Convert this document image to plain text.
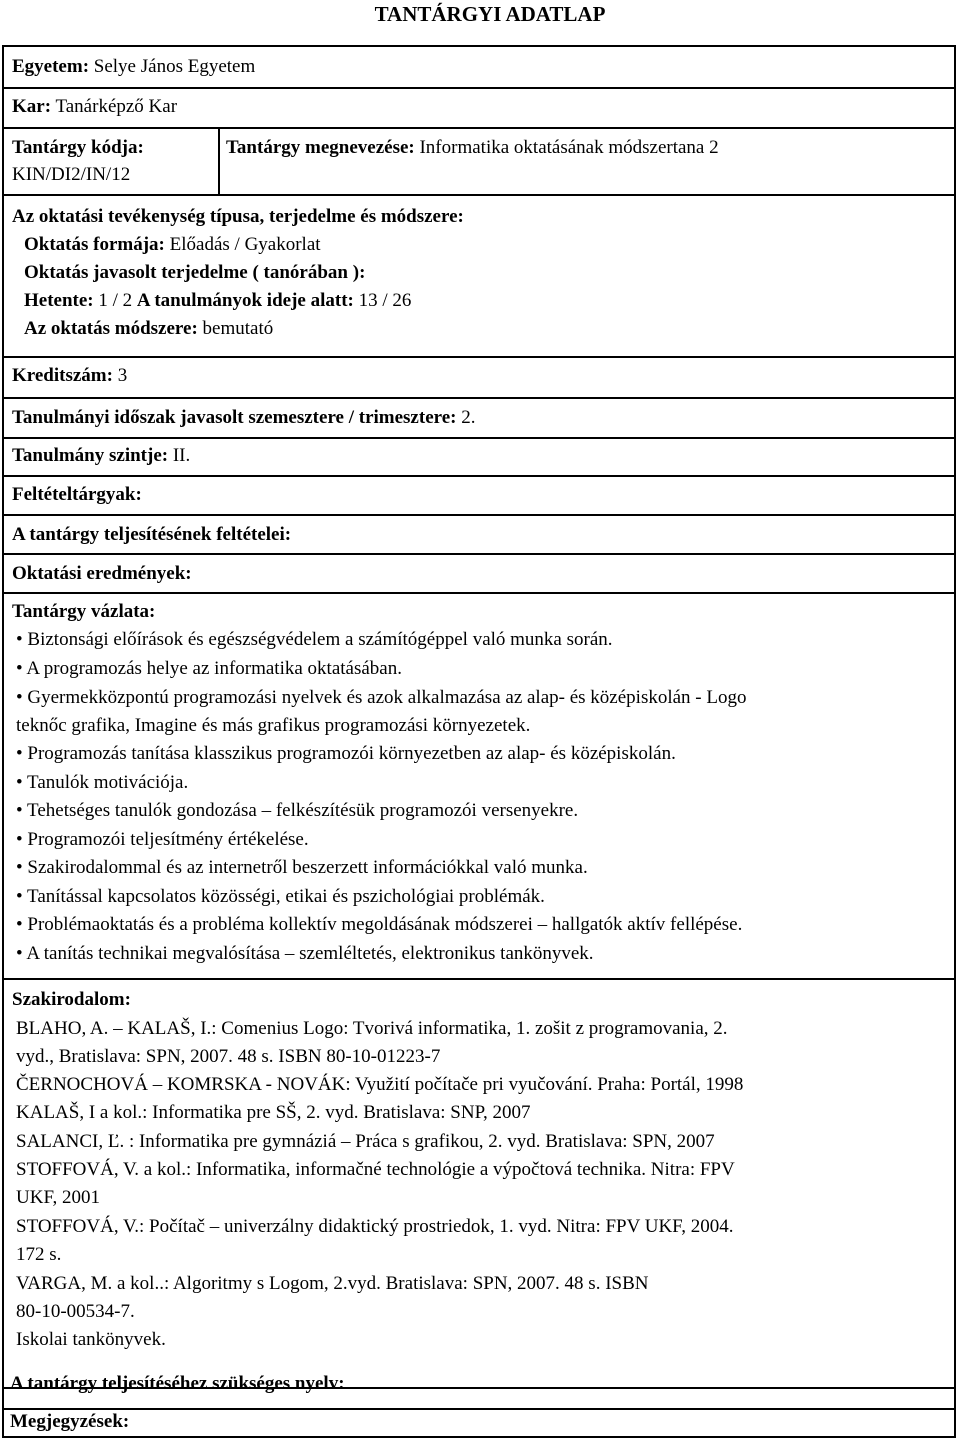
TANTÁRGYI ADATLAP
Egyetem: Selye János Egyetem
Kar: Tanárképző Kar
Tantárgy kódja:
KIN/DI2/IN/12
Tantárgy megnevezése: Informatika oktatásának módszertana 2
Az oktatási tevékenység típusa, terjedelme és módszere:
Oktatás formája: Előadás / Gyakorlat
Oktatás javasolt terjedelme ( tanórában ):
Hetente: 1 / 2 A tanulmányok ideje alatt: 13 / 26
Az oktatás módszere: bemutató
Kreditszám: 3
Tanulmányi időszak javasolt szemesztere / trimesztere: 2.
Tanulmány szintje: II.
Feltételtárgyak:
A tantárgy teljesítésének feltételei:
Oktatási eredmények:
Tantárgy vázlata:
• Biztonsági előírások és egészségvédelem a számítógéppel való munka során.
• A programozás helye az informatika oktatásában.
• Gyermekközpontú programozási nyelvek és azok alkalmazása az alap- és középiskolán - Logo
teknőc grafika, Imagine és más grafikus programozási környezetek.
• Programozás tanítása klasszikus programozói környezetben az alap- és középiskolán.
• Tanulók motivációja.
• Tehetséges tanulók gondozása – felkészítésük programozói versenyekre.
• Programozói teljesítmény értékelése.
• Szakirodalommal és az internetről beszerzett információkkal való munka.
• Tanítással kapcsolatos közösségi, etikai és pszichológiai problémák.
• Problémaoktatás és a probléma kollektív megoldásának módszerei – hallgatók aktív fellépése.
• A tanítás technikai megvalósítása – szemléltetés, elektronikus tankönyvek.
Szakirodalom:
BLAHO, A. – KALAŠ, I.: Comenius Logo: Tvorivá informatika, 1. zošit z programovania, 2.
vyd., Bratislava: SPN, 2007. 48 s. ISBN 80-10-01223-7
ČERNOCHOVÁ – KOMRSKA - NOVÁK: Využití počítače pri vyučování. Praha: Portál, 1998
KALAŠ, I a kol.: Informatika pre SŠ, 2. vyd. Bratislava: SNP, 2007
SALANCI, Ľ. : Informatika pre gymnáziá – Práca s grafikou, 2. vyd. Bratislava: SPN, 2007
STOFFOVÁ, V. a kol.: Informatika, informačné technológie a výpočtová technika. Nitra: FPV
UKF, 2001
STOFFOVÁ, V.: Počítač – univerzálny didaktický prostriedok, 1. vyd. Nitra: FPV UKF, 2004.
172 s.
VARGA, M. a kol..: Algoritmy s Logom, 2.vyd. Bratislava: SPN, 2007. 48 s. ISBN
80-10-00534-7.
Iskolai tankönyvek.
A tantárgy teljesítéséhez szükséges nyelv:
Megjegyzések:
